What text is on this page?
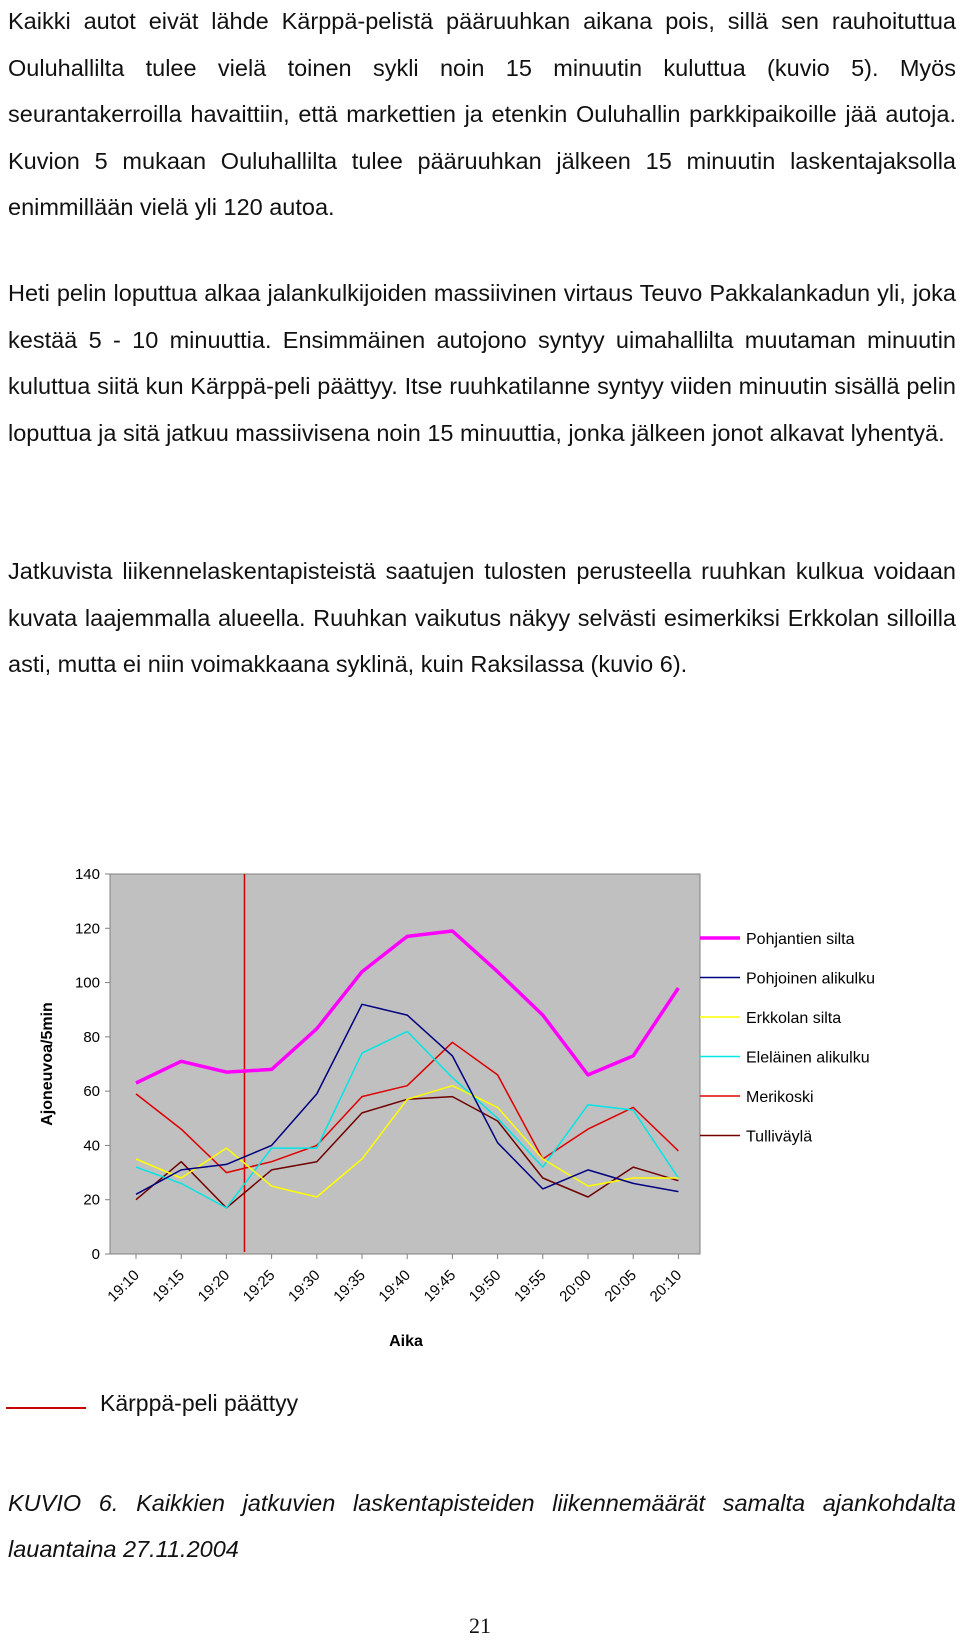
Kaikki autot eivät lähde Kärppä-pelistä pääruuhkan aikana pois, sillä sen rauhoituttua Ouluhallilta tulee vielä toinen sykli noin 15 minuutin kuluttua (kuvio 5). Myös seurantakerroilla havaittiin, että markettien ja etenkin Ouluhallin parkkipaikoille jää autoja. Kuvion 5 mukaan Ouluhallilta tulee pääruuhkan jälkeen 15 minuutin laskentajaksolla enimmillään vielä yli 120 autoa.

Heti pelin loputtua alkaa jalankulkijoiden massiivinen virtaus Teuvo Pakkalankadun yli, joka kestää 5 - 10 minuuttia. Ensimmäinen autojono syntyy uimahallilta muutaman minuutin kuluttua siitä kun Kärppä-peli päättyy. Itse ruuhkatilanne syntyy viiden minuutin sisällä pelin loputtua ja sitä jatkuu massiivisena noin 15 minuuttia, jonka jälkeen jonot alkavat lyhentyä.

Jatkuvista liikennelaskentapisteistä saatujen tulosten perusteella ruuhkan kulkua voidaan kuvata laajemmalla alueella. Ruuhkan vaikutus näkyy selvästi esimerkiksi Erkkolan silloilla asti, mutta ei niin voimakkaana syklinä, kuin Raksilassa (kuvio 6).

0
20
40
60
80
100
120
140
19:10 19:15 19:20 19:25 19:30 19:35 19:40 19:45 19:50 19:55 20:00 20:05 20:10
Pohjantien silta
Pohjoinen alikulku
Erkkolan silta
Eleläinen alikulku
Merikoski
Tulliväylä
Ajoneuvoa/5min
Aika
Kärppä-peli päättyy

KUVIO 6. Kaikkien jatkuvien laskentapisteiden liikennemäärät samalta ajankohdalta lauantaina 27.11.2004

21
